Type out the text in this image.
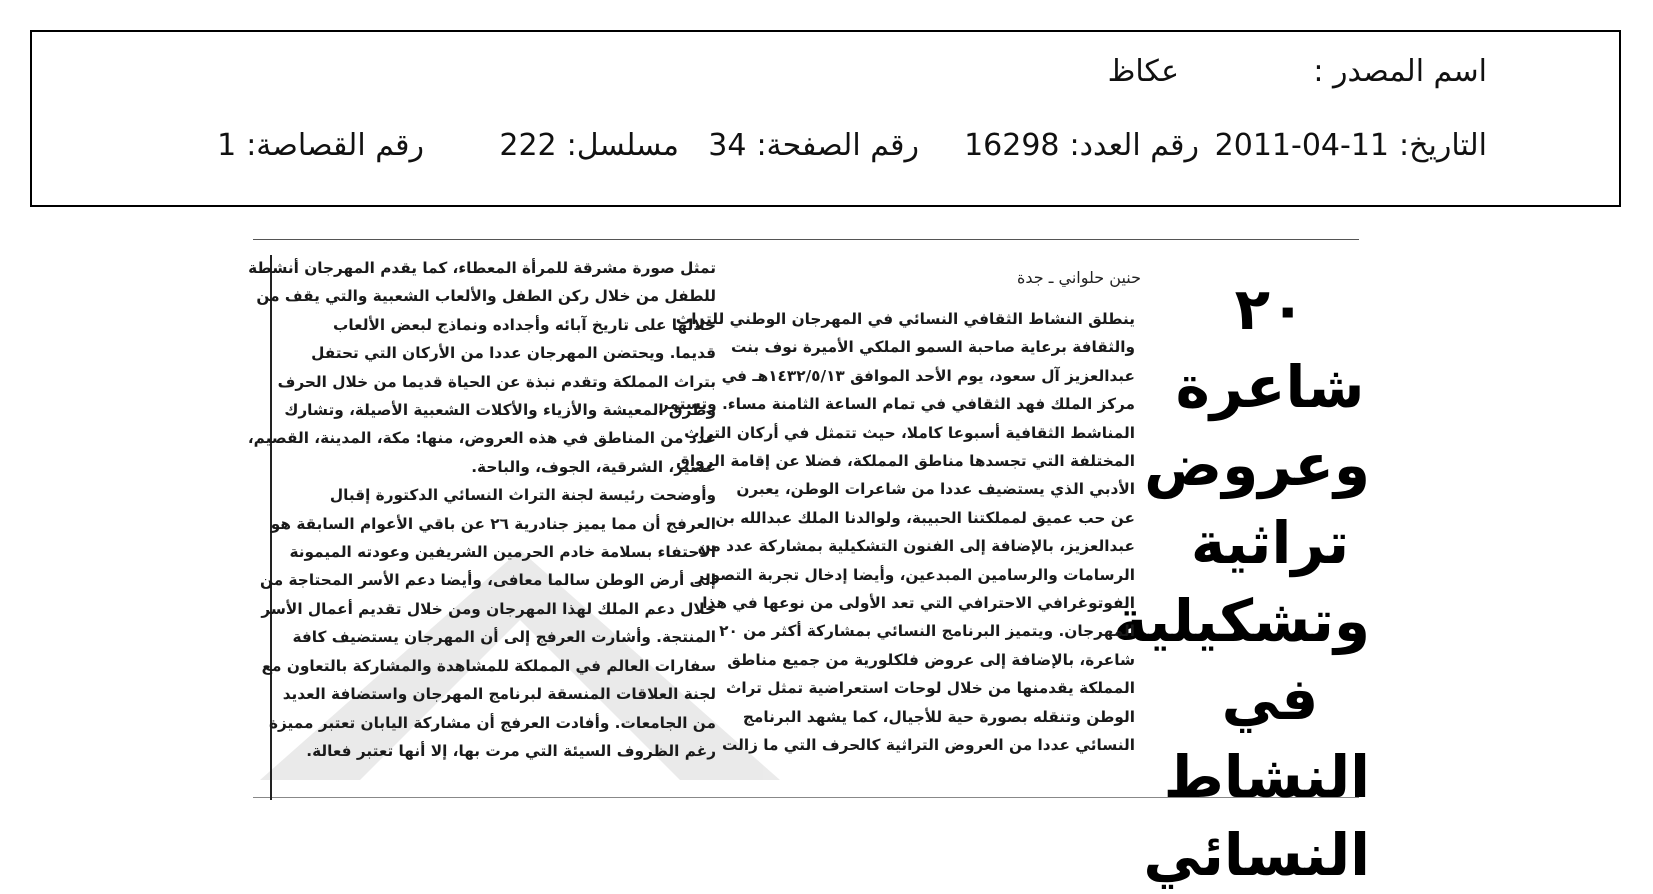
اسم المصدر :
عكاظ
التاريخ:
2011-04-11
رقم العدد:
16298
رقم الصفحة:
34
مسلسل:
222
رقم القصاصة:
1
٢٠ شاعرة
وعروض
تراثية
وتشكيلية
في النشاط
النسائي
حنين حلواني ـ جدة
ينطلق النشاط الثقافي النسائي في المهرجان الوطني للتراث
والثقافة برعاية صاحبة السمو الملكي الأميرة نوف بنت
عبدالعزيز آل سعود، يوم الأحد الموافق ١٤٣٢/٥/١٣هـ في
مركز الملك فهد الثقافي في تمام الساعة الثامنة مساء. وتستمر
المناشط الثقافية أسبوعا كاملا، حيث تتمثل في أركان التراث
المختلفة التي تجسدها مناطق المملكة، فضلا عن إقامة الرواق
الأدبي الذي يستضيف عددا من شاعرات الوطن، يعبرن
عن حب عميق لمملكتنا الحبيبة، ولوالدنا الملك عبدالله بن
عبدالعزيز، بالإضافة إلى الفنون التشكيلية بمشاركة عدد من
الرسامات والرسامين المبدعين، وأيضا إدخال تجربة التصوير
الفوتوغرافي الاحترافي التي تعد الأولى من نوعها في هذا
المهرجان. ويتميز البرنامج النسائي بمشاركة أكثر من ٢٠
شاعرة، بالإضافة إلى عروض فلكلورية من جميع مناطق
المملكة يقدمنها من خلال لوحات استعراضية تمثل تراث
الوطن وتنقله بصورة حية للأجيال، كما يشهد البرنامج
النسائي عددا من العروض التراثية كالحرف التي ما زالت
تمثل صورة مشرقة للمرأة المعطاء، كما يقدم المهرجان أنشطة
للطفل من خلال ركن الطفل والألعاب الشعبية والتي يقف من
خلالها على تاريخ آبائه وأجداده ونماذج لبعض الألعاب
قديما. ويحتضن المهرجان عددا من الأركان التي تحتفل
بتراث المملكة وتقدم نبذة عن الحياة قديما من خلال الحرف
وطرق المعيشة والأزياء والأكلات الشعبية الأصيلة، وتشارك
عدد من المناطق في هذه العروض، منها: مكة، المدينة، القصيم،
عسير، الشرقية، الجوف، والباحة.
وأوضحت رئيسة لجنة التراث النسائي الدكتورة إقبال
العرفج أن مما يميز جنادرية ٢٦ عن باقي الأعوام السابقة هو
الاحتفاء بسلامة خادم الحرمين الشريفين وعودته الميمونة
إلى أرض الوطن سالما معافى، وأيضا دعم الأسر المحتاجة من
خلال دعم الملك لهذا المهرجان ومن خلال تقديم أعمال الأسر
المنتجة. وأشارت العرفج إلى أن المهرجان يستضيف كافة
سفارات العالم في المملكة للمشاهدة والمشاركة بالتعاون مع
لجنة العلاقات المنسقة لبرنامج المهرجان واستضافة العديد
من الجامعات. وأفادت العرفج أن مشاركة اليابان تعتبر مميزة
رغم الظروف السيئة التي مرت بها، إلا أنها تعتبر فعالة.
